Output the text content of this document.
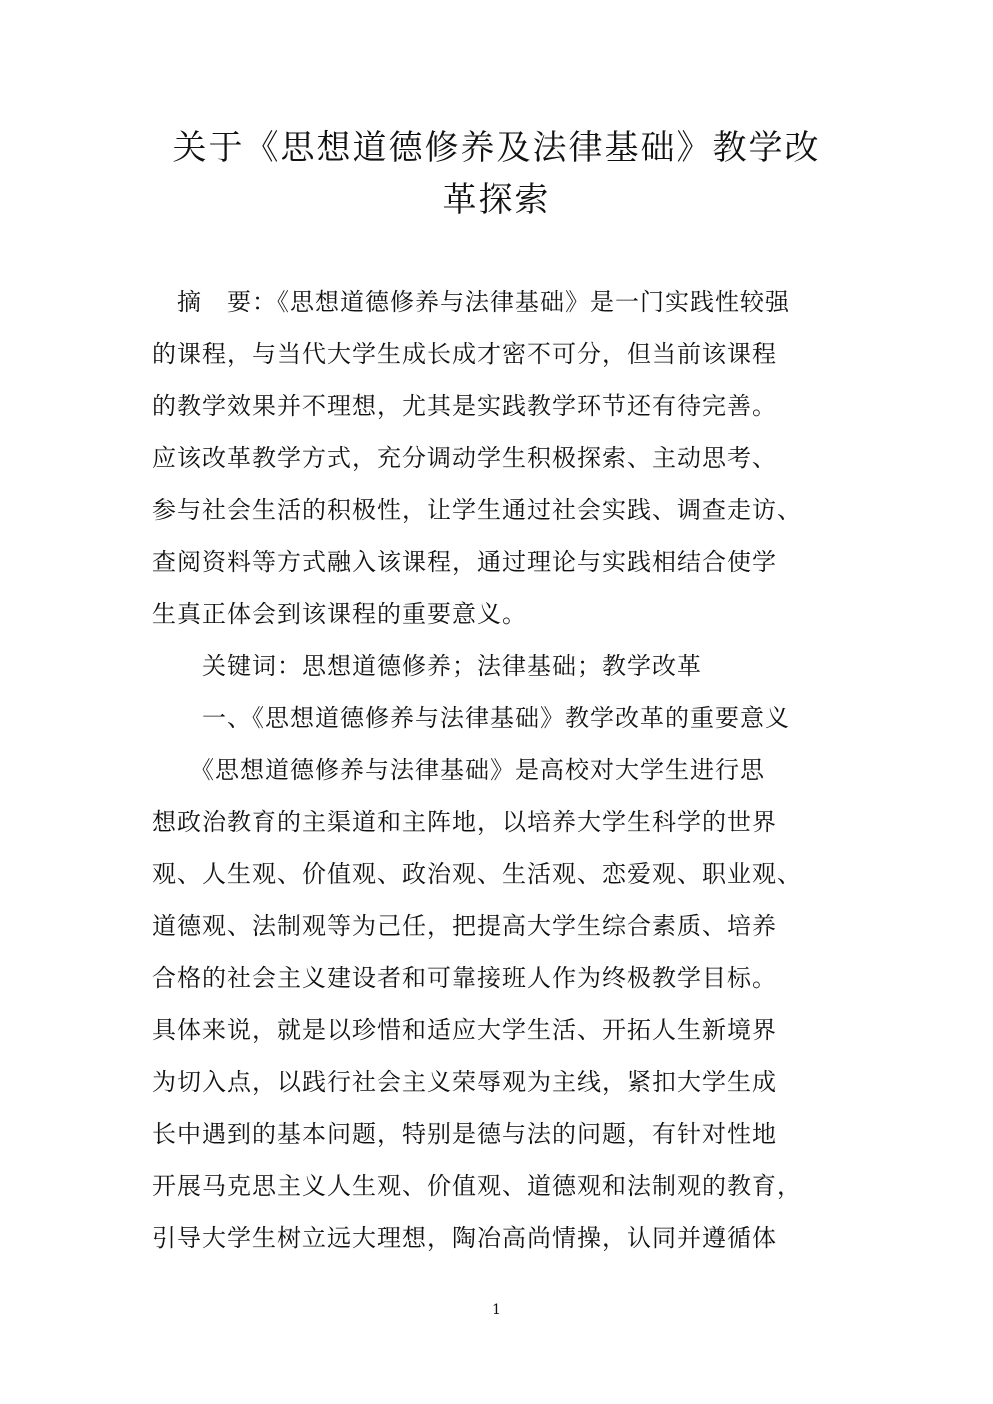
关于《思想道德修养及法律基础》教学改
革探索

　摘　要：《思想道德修养与法律基础》是一门实践性较强

的课程，与当代大学生成长成才密不可分，但当前该课程

的教学效果并不理想，尤其是实践教学环节还有待完善。

应该改革教学方式，充分调动学生积极探索、主动思考、

参与社会生活的积极性，让学生通过社会实践、调查走访、

查阅资料等方式融入该课程，通过理论与实践相结合使学

生真正体会到该课程的重要意义。

　　关键词：思想道德修养；法律基础；教学改革

　　一、《思想道德修养与法律基础》教学改革的重要意义

　　《思想道德修养与法律基础》是高校对大学生进行思

想政治教育的主渠道和主阵地，以培养大学生科学的世界

观、人生观、价值观、政治观、生活观、恋爱观、职业观、

道德观、法制观等为己任，把提高大学生综合素质、培养

合格的社会主义建设者和可靠接班人作为终极教学目标。

具体来说，就是以珍惜和适应大学生活、开拓人生新境界

为切入点，以践行社会主义荣辱观为主线，紧扣大学生成

长中遇到的基本问题，特别是德与法的问题，有针对性地

开展马克思主义人生观、价值观、道德观和法制观的教育，

引导大学生树立远大理想，陶冶高尚情操，认同并遵循体

1
